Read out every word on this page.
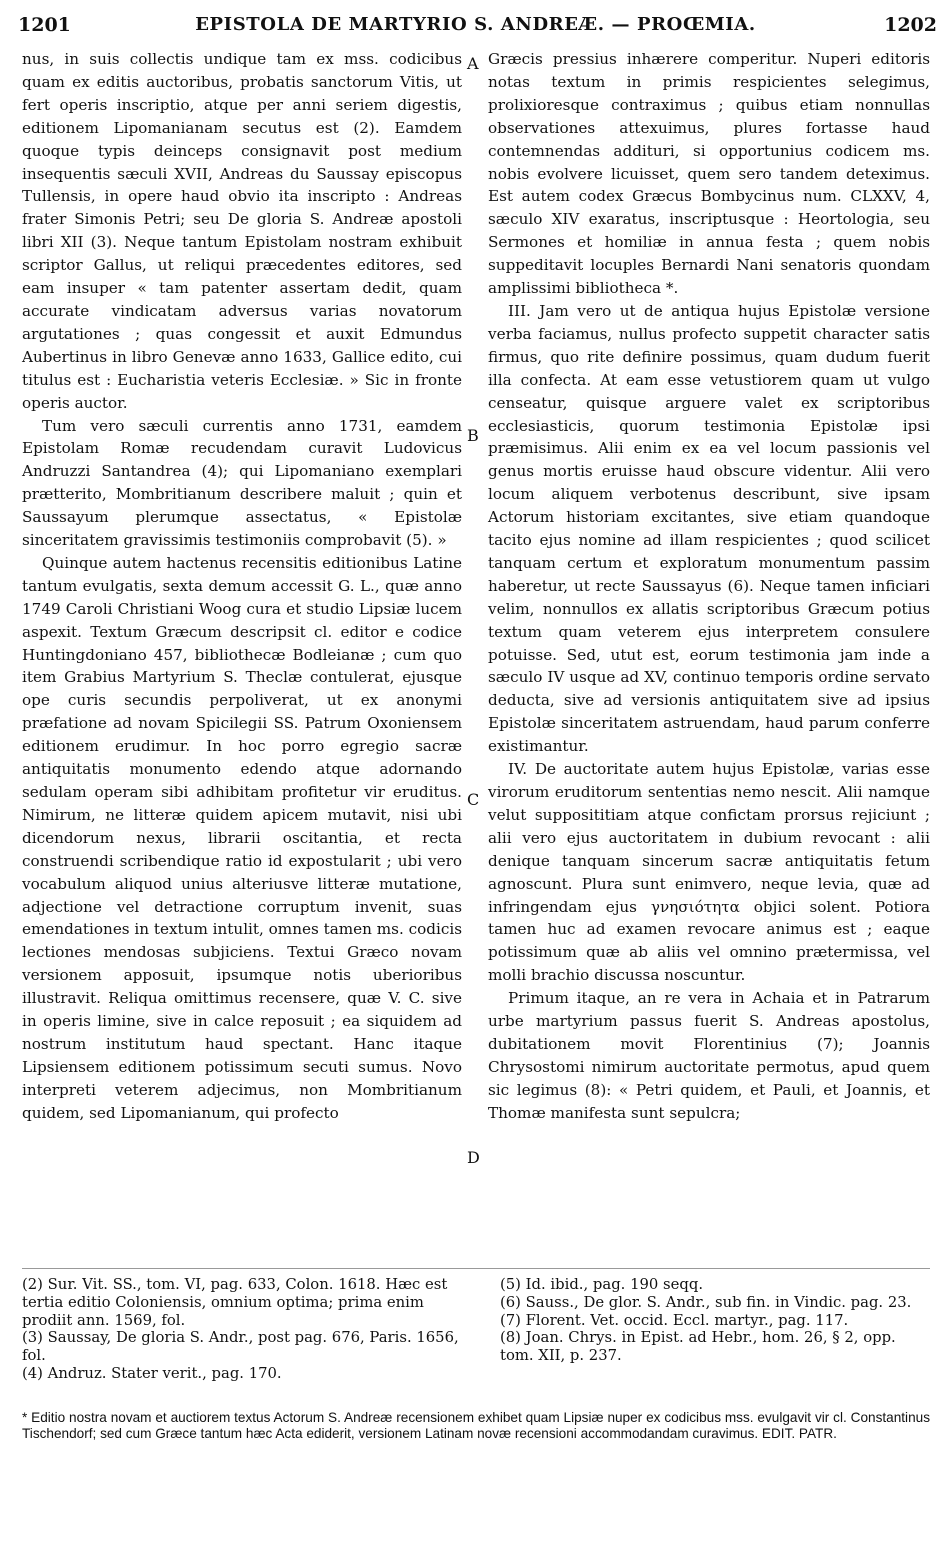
1201	EPISTOLA DE MARTYRIO S. ANDREÆ. — PROŒMIA.	1202
A
B
C
D

nus, in suis collectis undique tam ex mss. codicibus quam ex editis auctoribus, probatis sanctorum Vitis, ut fert operis inscriptio, atque per anni seriem digestis, editionem Lipomanianam secutus est (2). Eamdem quoque typis deinceps consignavit post medium insequentis sæculi XVII, Andreas du Saussay episcopus Tullensis, in opere haud obvio ita inscripto : Andreas frater Simonis Petri; seu De gloria S. Andreæ apostoli libri XII (3). Neque tantum Epistolam nostram exhibuit scriptor Gallus, ut reliqui præcedentes editores, sed eam insuper « tam patenter assertam dedit, quam accurate vindicatam adversus varias novatorum argutationes ; quas congessit et auxit Edmundus Aubertinus in libro Genevæ anno 1633, Gallice edito, cui titulus est : Eucharistia veteris Ecclesiæ. » Sic in fronte operis auctor.

Tum vero sæculi currentis anno 1731, eamdem Epistolam Romæ recudendam curavit Ludovicus Andruzzi Santandrea (4); qui Lipomaniano exemplari prætterito, Mombritianum describere maluit ; quin et Saussayum plerumque assectatus, « Epistolæ sinceritatem gravissimis testimoniis comprobavit (5). »

Quinque autem hactenus recensitis editionibus Latine tantum evulgatis, sexta demum accessit G. L., quæ anno 1749 Caroli Christiani Woog cura et studio Lipsiæ lucem aspexit. Textum Græcum descripsit cl. editor e codice Huntingdoniano 457, bibliothecæ Bodleianæ ; cum quo item Grabius Martyrium S. Theclæ contulerat, ejusque ope curis secundis perpoliverat, ut ex anonymi præfatione ad novam Spicilegii SS. Patrum Oxoniensem editionem erudimur. In hoc porro egregio sacræ antiquitatis monumento edendo atque adornando sedulam operam sibi adhibitam profitetur vir eruditus. Nimirum, ne litteræ quidem apicem mutavit, nisi ubi dicendorum nexus, librarii oscitantia, et recta construendi scribendique ratio id expostularit ; ubi vero vocabulum aliquod unius alteriusve litteræ mutatione, adjectione vel detractione corruptum invenit, suas emendationes in textum intulit, omnes tamen ms. codicis lectiones mendosas subjiciens. Textui Græco novam versionem apposuit, ipsumque notis uberioribus illustravit. Reliqua omittimus recensere, quæ V. C. sive in operis limine, sive in calce reposuit ; ea siquidem ad nostrum institutum haud spectant. Hanc itaque Lipsiensem editionem potissimum secuti sumus. Novo interpreti veterem adjecimus, non Mombritianum quidem, sed Lipomanianum, qui profecto

Græcis pressius inhærere comperitur. Nuperi editoris notas textum in primis respicientes selegimus, prolixioresque contraximus ; quibus etiam nonnullas observationes attexuimus, plures fortasse haud contemnendas addituri, si opportunius codicem ms. nobis evolvere licuisset, quem sero tandem deteximus. Est autem codex Græcus Bombycinus num. CLXXV, 4, sæculo XIV exaratus, inscriptusque : Heortologia, seu Sermones et homiliæ in annua festa ; quem nobis suppeditavit locuples Bernardi Nani senatoris quondam amplissimi bibliotheca *.

III. Jam vero ut de antiqua hujus Epistolæ versione verba faciamus, nullus profecto suppetit character satis firmus, quo rite definire possimus, quam dudum fuerit illa confecta. At eam esse vetustiorem quam ut vulgo censeatur, quisque arguere valet ex scriptoribus ecclesiasticis, quorum testimonia Epistolæ ipsi præmisimus. Alii enim ex ea vel locum passionis vel genus mortis eruisse haud obscure videntur. Alii vero locum aliquem verbotenus describunt, sive ipsam Actorum historiam excitantes, sive etiam quandoque tacito ejus nomine ad illam respicientes ; quod scilicet tanquam certum et exploratum monumentum passim haberetur, ut recte Saussayus (6). Neque tamen inficiari velim, nonnullos ex allatis scriptoribus Græcum potius textum quam veterem ejus interpretem consulere potuisse. Sed, utut est, eorum testimonia jam inde a sæculo IV usque ad XV, continuo temporis ordine servato deducta, sive ad versionis antiquitatem sive ad ipsius Epistolæ sinceritatem astruendam, haud parum conferre existimantur.

IV. De auctoritate autem hujus Epistolæ, varias esse virorum eruditorum sententias nemo nescit. Alii namque velut supposititiam atque confictam prorsus rejiciunt ; alii vero ejus auctoritatem in dubium revocant : alii denique tanquam sincerum sacræ antiquitatis fetum agnoscunt. Plura sunt enimvero, neque levia, quæ ad infringendam ejus γνησιότητα objici solent. Potiora tamen huc ad examen revocare animus est ; eaque potissimum quæ ab aliis vel omnino prætermissa, vel molli brachio discussa noscuntur.

Primum itaque, an re vera in Achaia et in Patrarum urbe martyrium passus fuerit S. Andreas apostolus, dubitationem movit Florentinius (7); Joannis Chrysostomi nimirum auctoritate permotus, apud quem sic legimus (8): « Petri quidem, et Pauli, et Joannis, et Thomæ manifesta sunt sepulcra;

(2) Sur. Vit. SS., tom. VI, pag. 633, Colon. 1618. Hæc est tertia editio Coloniensis, omnium optima; prima enim prodiit ann. 1569, fol.
(3) Saussay, De gloria S. Andr., post pag. 676, Paris. 1656, fol.
(4) Andruz. Stater verit., pag. 170.
(5) Id. ibid., pag. 190 seqq.
(6) Sauss., De glor. S. Andr., sub fin. in Vindic. pag. 23.
(7) Florent. Vet. occid. Eccl. martyr., pag. 117.
(8) Joan. Chrys. in Epist. ad Hebr., hom. 26, § 2, opp. tom. XII, p. 237.
* Editio nostra novam et auctiorem textus Actorum S. Andreæ recensionem exhibet quam Lipsiæ nuper ex codicibus mss. evulgavit vir cl. Constantinus Tischendorf; sed cum Græce tantum hæc Acta ediderit, versionem Latinam novæ recensioni accommodandam curavimus. EDIT. PATR.
